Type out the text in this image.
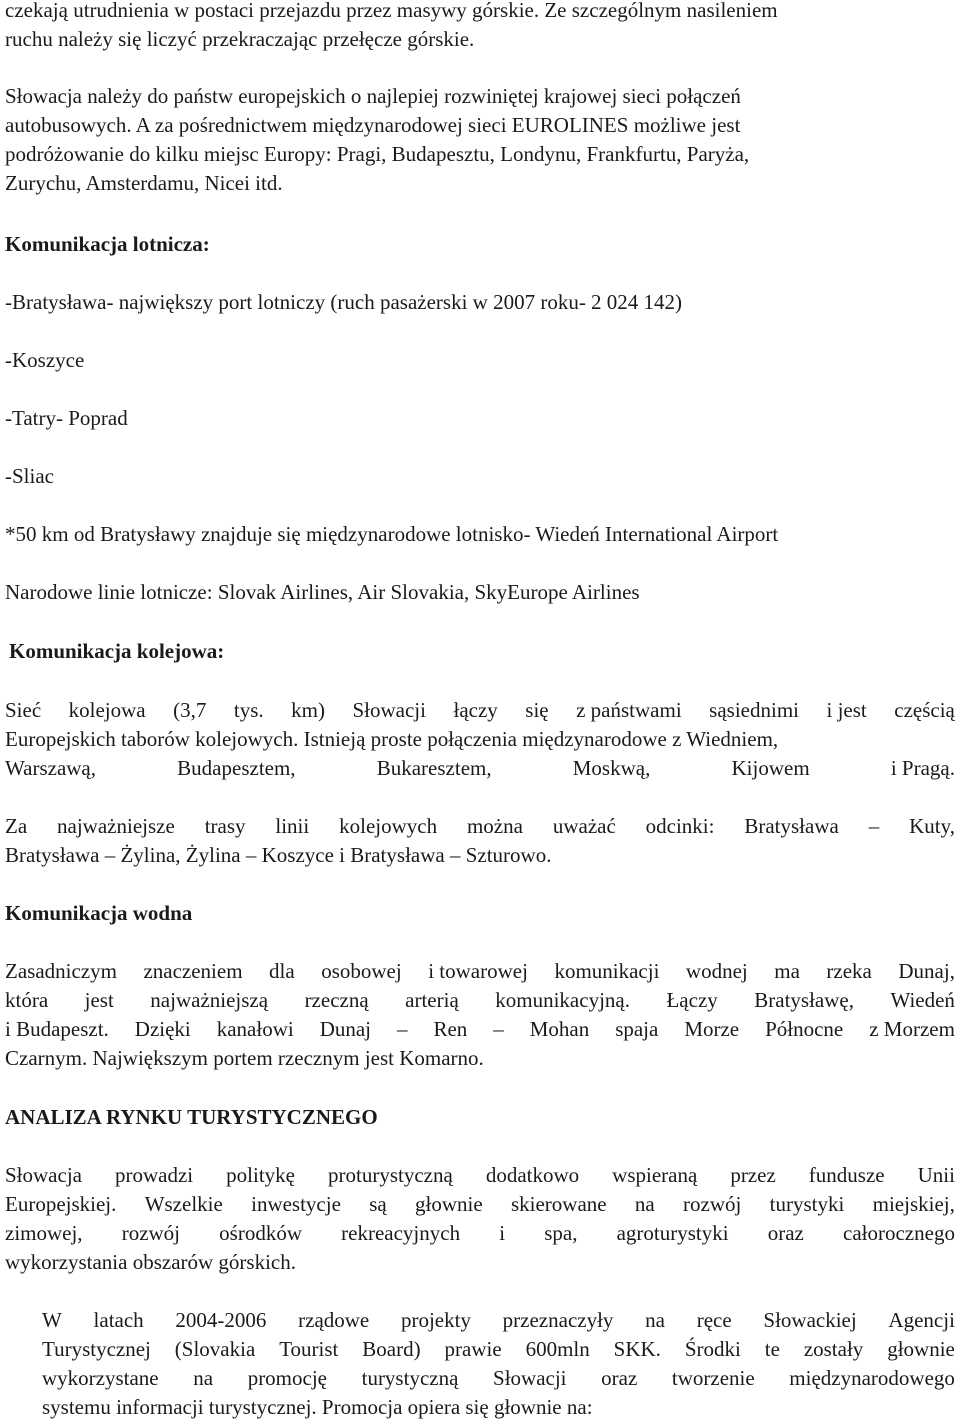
czekają utrudnienia w postaci przejazdu przez masywy górskie. Ze szczególnym nasileniem
ruchu należy się liczyć przekraczając przełęcze górskie.
Słowacja należy do państw europejskich o najlepiej rozwiniętej krajowej sieci połączeń
autobusowych. A za pośrednictwem międzynarodowej sieci EUROLINES możliwe jest
podróżowanie do kilku miejsc Europy: Pragi, Budapesztu, Londynu, Frankfurtu, Paryża,
Zurychu, Amsterdamu, Nicei itd.
Komunikacja lotnicza:
-Bratysława- największy port lotniczy (ruch pasażerski w 2007 roku- 2 024 142)
-Koszyce
-Tatry- Poprad
-Sliac
*50 km od Bratysławy znajduje się międzynarodowe lotnisko- Wiedeń International Airport
Narodowe linie lotnicze: Slovak Airlines, Air Slovakia, SkyEurope Airlines
Komunikacja kolejowa:
Sieć kolejowa (3,7 tys. km) Słowacji łączy się z państwami sąsiednimi i jest częścią
Europejskich taborów kolejowych. Istnieją proste połączenia międzynarodowe z Wiedniem,
Warszawą,	Budapesztem,	Bukaresztem,	Moskwą,	Kijowem	i Pragą.
Za najważniejsze trasy linii kolejowych można uważać odcinki: Bratysława – Kuty,
Bratysława – Żylina, Żylina – Koszyce i Bratysława – Szturowo.
Komunikacja wodna
Zasadniczym znaczeniem dla osobowej i towarowej komunikacji wodnej ma rzeka Dunaj,
która jest najważniejszą rzeczną arterią komunikacyjną. Łączy Bratysławę, Wiedeń
i Budapeszt. Dzięki kanałowi Dunaj – Ren – Mohan spaja Morze Północne z Morzem
Czarnym. Największym portem rzecznym jest Komarno.
ANALIZA RYNKU TURYSTYCZNEGO
Słowacja prowadzi politykę proturystyczną dodatkowo wspieraną przez fundusze Unii
Europejskiej. Wszelkie inwestycje są głownie skierowane na rozwój turystyki miejskiej,
zimowej, rozwój ośrodków rekreacyjnych i spa, agroturystyki oraz całorocznego
wykorzystania obszarów górskich.
W latach 2004-2006 rządowe projekty przeznaczyły na ręce Słowackiej Agencji
Turystycznej (Slovakia Tourist Board) prawie 600mln SKK. Środki te zostały głownie
wykorzystane na promocję turystyczną Słowacji oraz tworzenie międzynarodowego
systemu informacji turystycznej. Promocja opiera się głownie na:
